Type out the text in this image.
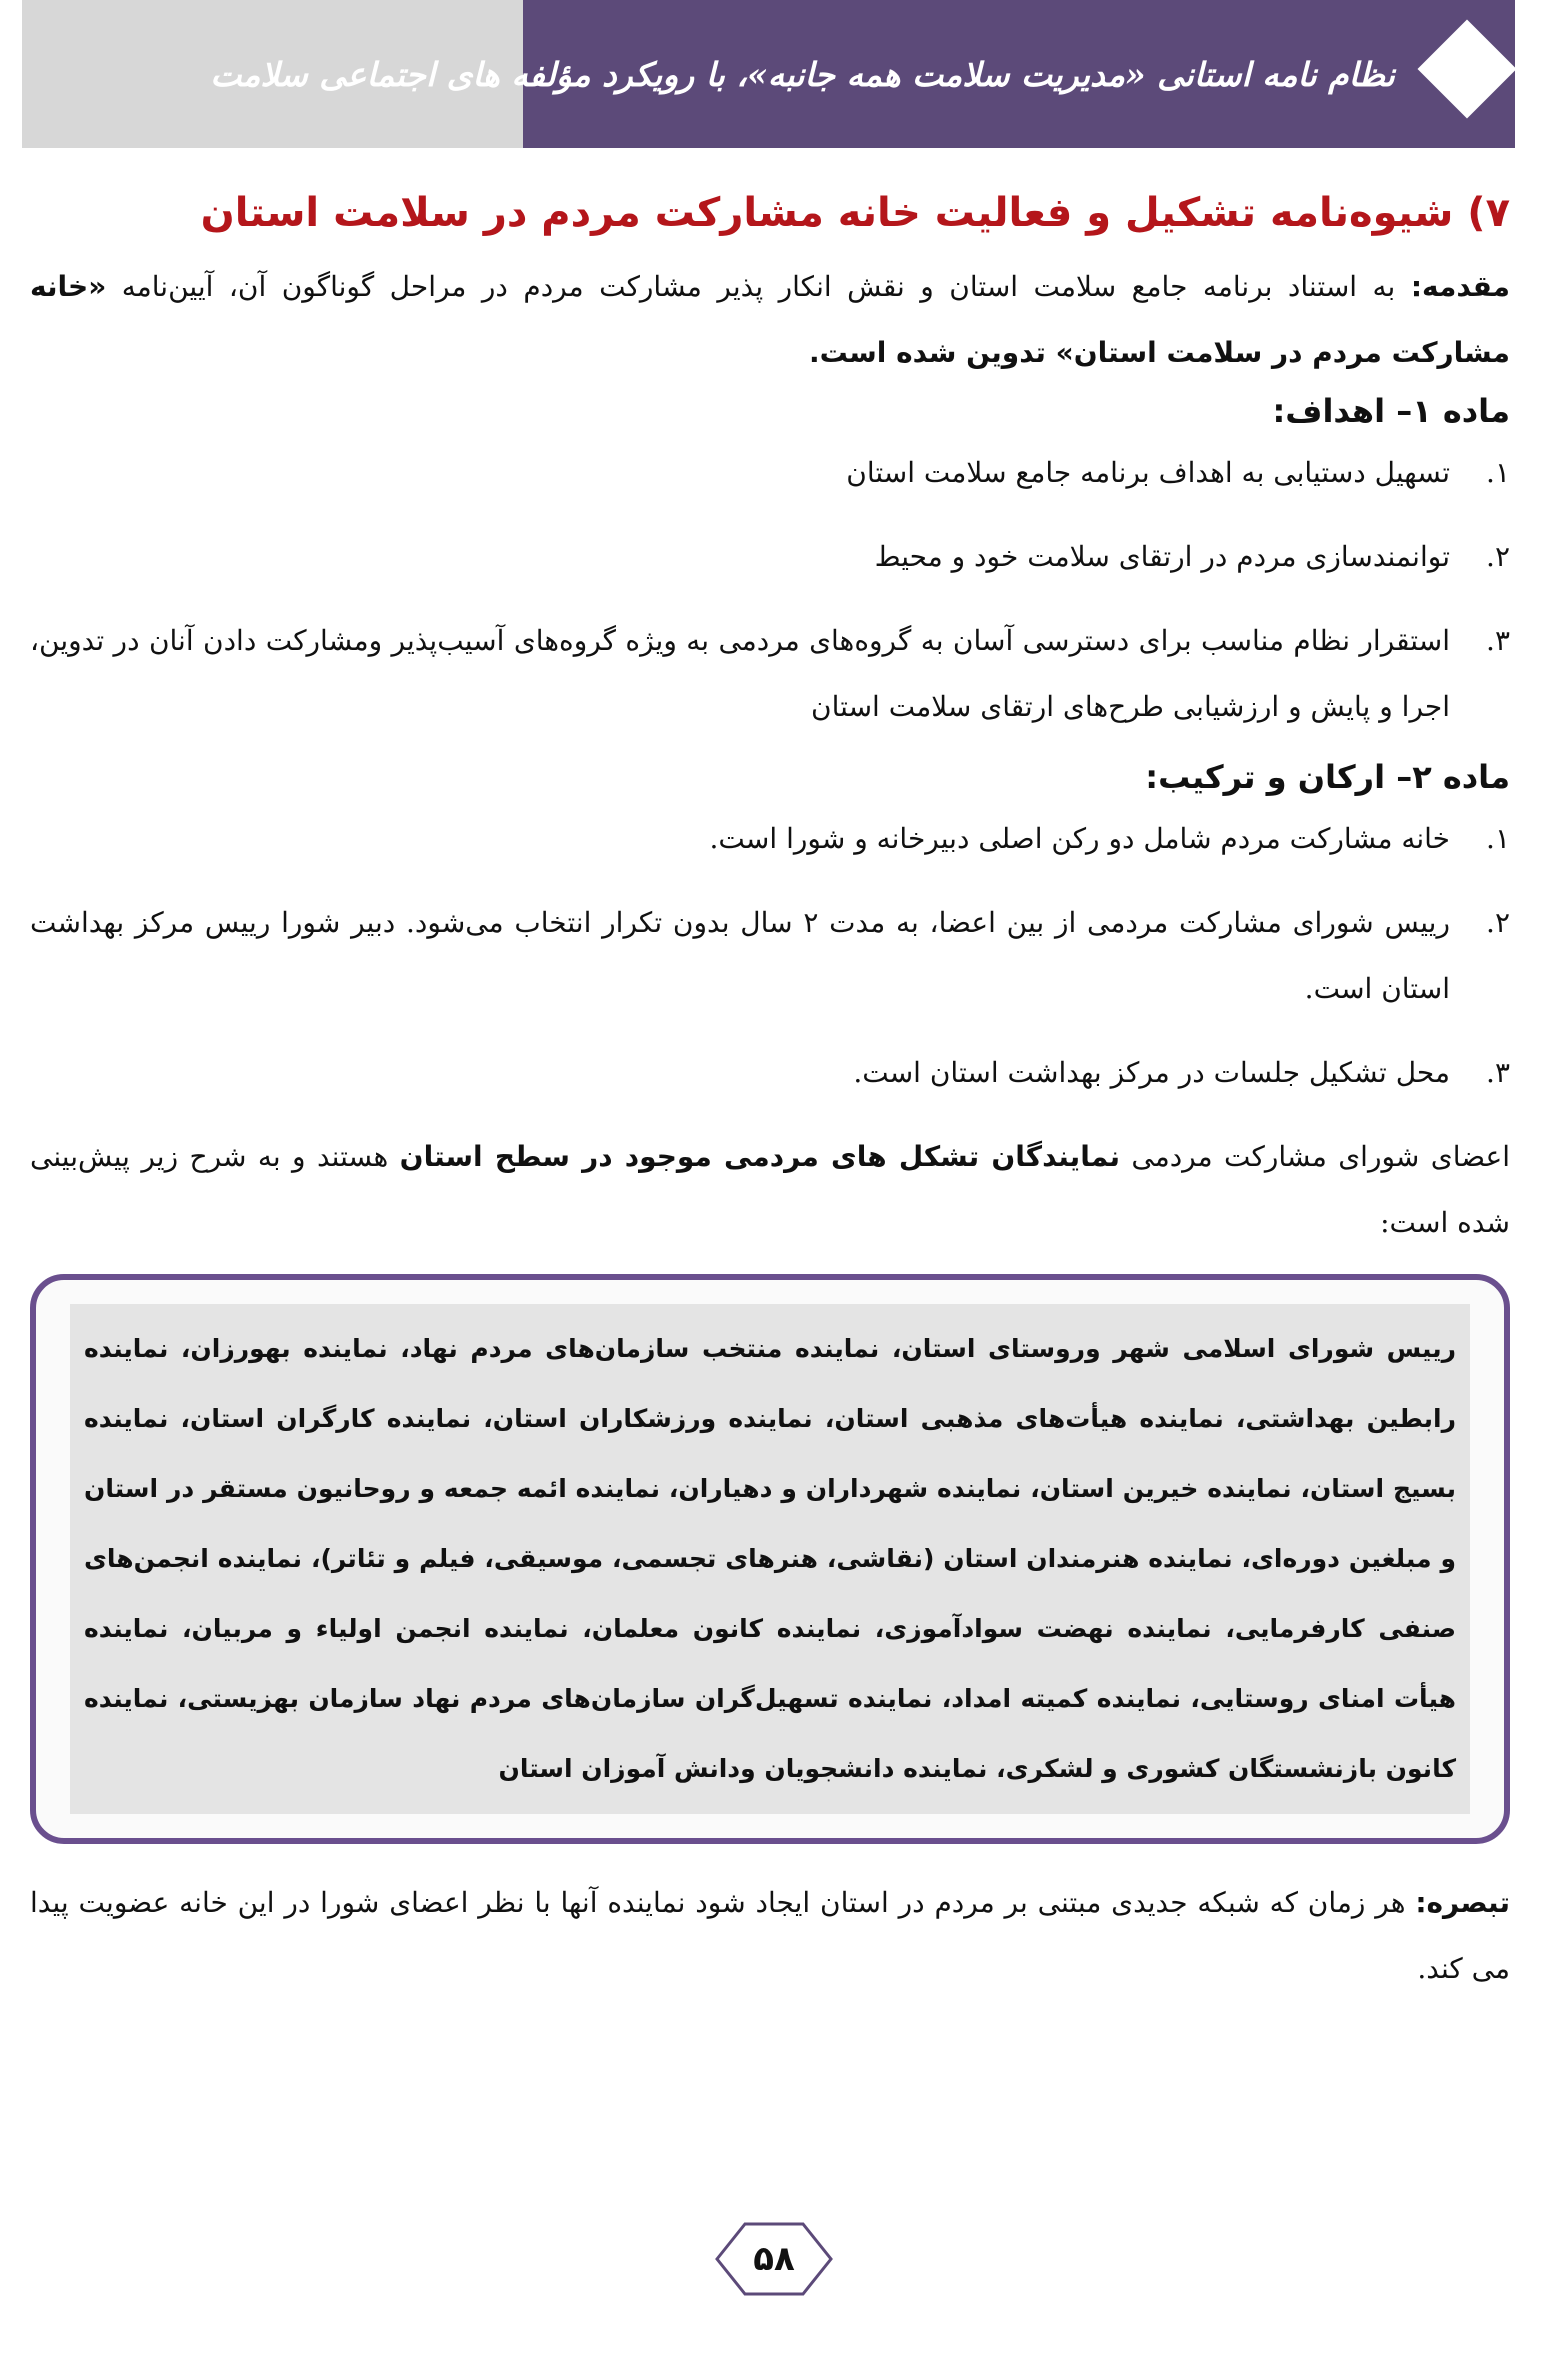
نظام نامه استانی «مدیریت سلامت همه جانبه»، با رویکرد مؤلفه های اجتماعی سلامت
۷) شیوه‌نامه تشکیل و فعالیت خانه مشارکت مردم در سلامت استان

مقدمه: به استناد برنامه جامع سلامت استان و نقش انکار پذیر مشارکت مردم در مراحل گوناگون آن، آیین‌نامه «خانه مشارکت مردم در سلامت استان» تدوین شده است.

ماده ۱– اهداف:
۱.
تسهیل دستیابی به اهداف برنامه جامع سلامت استان
۲.
توانمندسازی مردم در ارتقای سلامت خود و محیط
۳.
استقرار نظام مناسب برای دسترسی آسان به گروه‌های مردمی به ویژه گروه‌های آسیب‌پذیر ومشارکت دادن آنان در تدوین، اجرا و پایش و ارزشیابی طرح‌های ارتقای سلامت استان
ماده ۲– ارکان و ترکیب:
۱.
خانه مشارکت مردم شامل دو رکن اصلی دبیرخانه و شورا است.
۲.
رییس شورای مشارکت مردمی از بین اعضا، به مدت ۲ سال بدون تکرار انتخاب می‌شود. دبیر شورا رییس مرکز بهداشت استان است.
۳.
محل تشکیل جلسات در مرکز بهداشت استان است.

اعضای شورای مشارکت مردمی نمایندگان تشکل های مردمی موجود در سطح استان هستند و به شرح زیر پیش‌بینی شده است:

رییس شورای اسلامی شهر وروستای استان، نماینده منتخب سازمان‌های مردم نهاد، نماینده بهورزان، نماینده رابطین بهداشتی، نماینده هیأت‌های مذهبی استان، نماینده ورزشکاران استان، نماینده کارگران استان، نماینده بسیج استان، نماینده خیرین استان، نماینده شهرداران و دهیاران، نماینده ائمه جمعه و روحانیون مستقر در استان و مبلغین دوره‌ای، نماینده هنرمندان استان (نقاشی، هنرهای تجسمی، موسیقی، فیلم و تئاتر)، نماینده انجمن‌های صنفی کارفرمایی، نماینده نهضت سوادآموزی، نماینده کانون معلمان، نماینده انجمن اولیاء و مربیان، نماینده هیأت امنای روستایی، نماینده کمیته امداد، نماینده تسهیل‌گران سازمان‌های مردم نهاد سازمان بهزیستی، نماینده کانون بازنشستگان کشوری و لشکری، نماینده دانشجویان ودانش آموزان استان

تبصره: هر زمان که شبکه جدیدی مبتنی بر مردم در استان ایجاد شود نماینده آنها با نظر اعضای شورا در این خانه عضویت پیدا می کند.

۵۸
